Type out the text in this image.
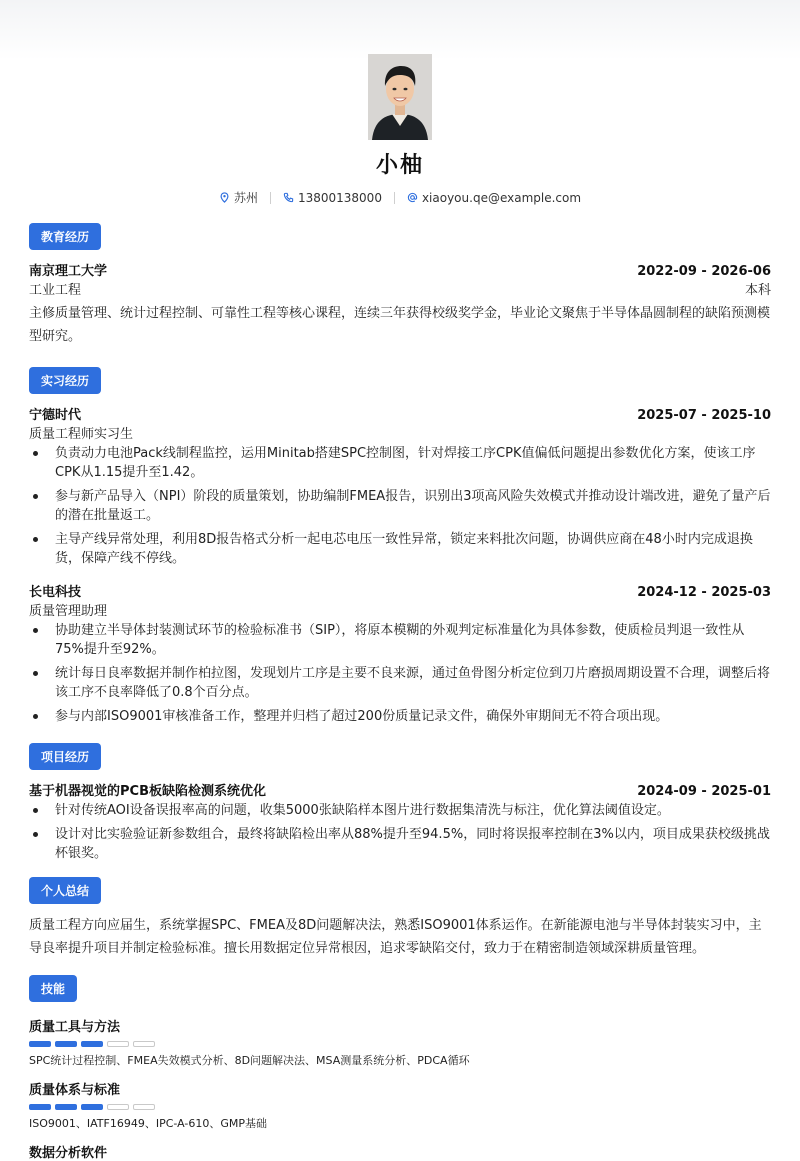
小柚
苏州	13800138000	xiaoyou.qe@example.com
教育经历
南京理工大学	2022-09 - 2026-06
工业工程	本科
主修质量管理、统计过程控制、可靠性工程等核心课程，连续三年获得校级奖学金，毕业论文聚焦于半导体晶圆制程的缺陷预测模型研究。
实习经历
宁德时代	2025-07 - 2025-10
质量工程师实习生
负责动力电池Pack线制程监控，运用Minitab搭建SPC控制图，针对焊接工序CPK值偏低问题提出参数优化方案，使该工序CPK从1.15提升至1.42。
参与新产品导入（NPI）阶段的质量策划，协助编制FMEA报告，识别出3项高风险失效模式并推动设计端改进，避免了量产后的潜在批量返工。
主导产线异常处理，利用8D报告格式分析一起电芯电压一致性异常，锁定来料批次问题，协调供应商在48小时内完成退换货，保障产线不停线。
长电科技	2024-12 - 2025-03
质量管理助理
协助建立半导体封装测试环节的检验标准书（SIP），将原本模糊的外观判定标准量化为具体参数，使质检员判退一致性从75%提升至92%。
统计每日良率数据并制作柏拉图，发现划片工序是主要不良来源，通过鱼骨图分析定位到刀片磨损周期设置不合理，调整后将该工序不良率降低了0.8个百分点。
参与内部ISO9001审核准备工作，整理并归档了超过200份质量记录文件，确保外审期间无不符合项出现。
项目经历
基于机器视觉的PCB板缺陷检测系统优化	2024-09 - 2025-01
针对传统AOI设备误报率高的问题，收集5000张缺陷样本图片进行数据集清洗与标注，优化算法阈值设定。
设计对比实验验证新参数组合，最终将缺陷检出率从88%提升至94.5%，同时将误报率控制在3%以内，项目成果获校级挑战杯银奖。
个人总结
质量工程方向应届生，系统掌握SPC、FMEA及8D问题解决法，熟悉ISO9001体系运作。在新能源电池与半导体封装实习中，主导良率提升项目并制定检验标准。擅长用数据定位异常根因，追求零缺陷交付，致力于在精密制造领域深耕质量管理。
技能
质量工具与方法
SPC统计过程控制、FMEA失效模式分析、8D问题解决法、MSA测量系统分析、PDCA循环
质量体系与标准
ISO9001、IATF16949、IPC-A-610、GMP基础
数据分析软件
